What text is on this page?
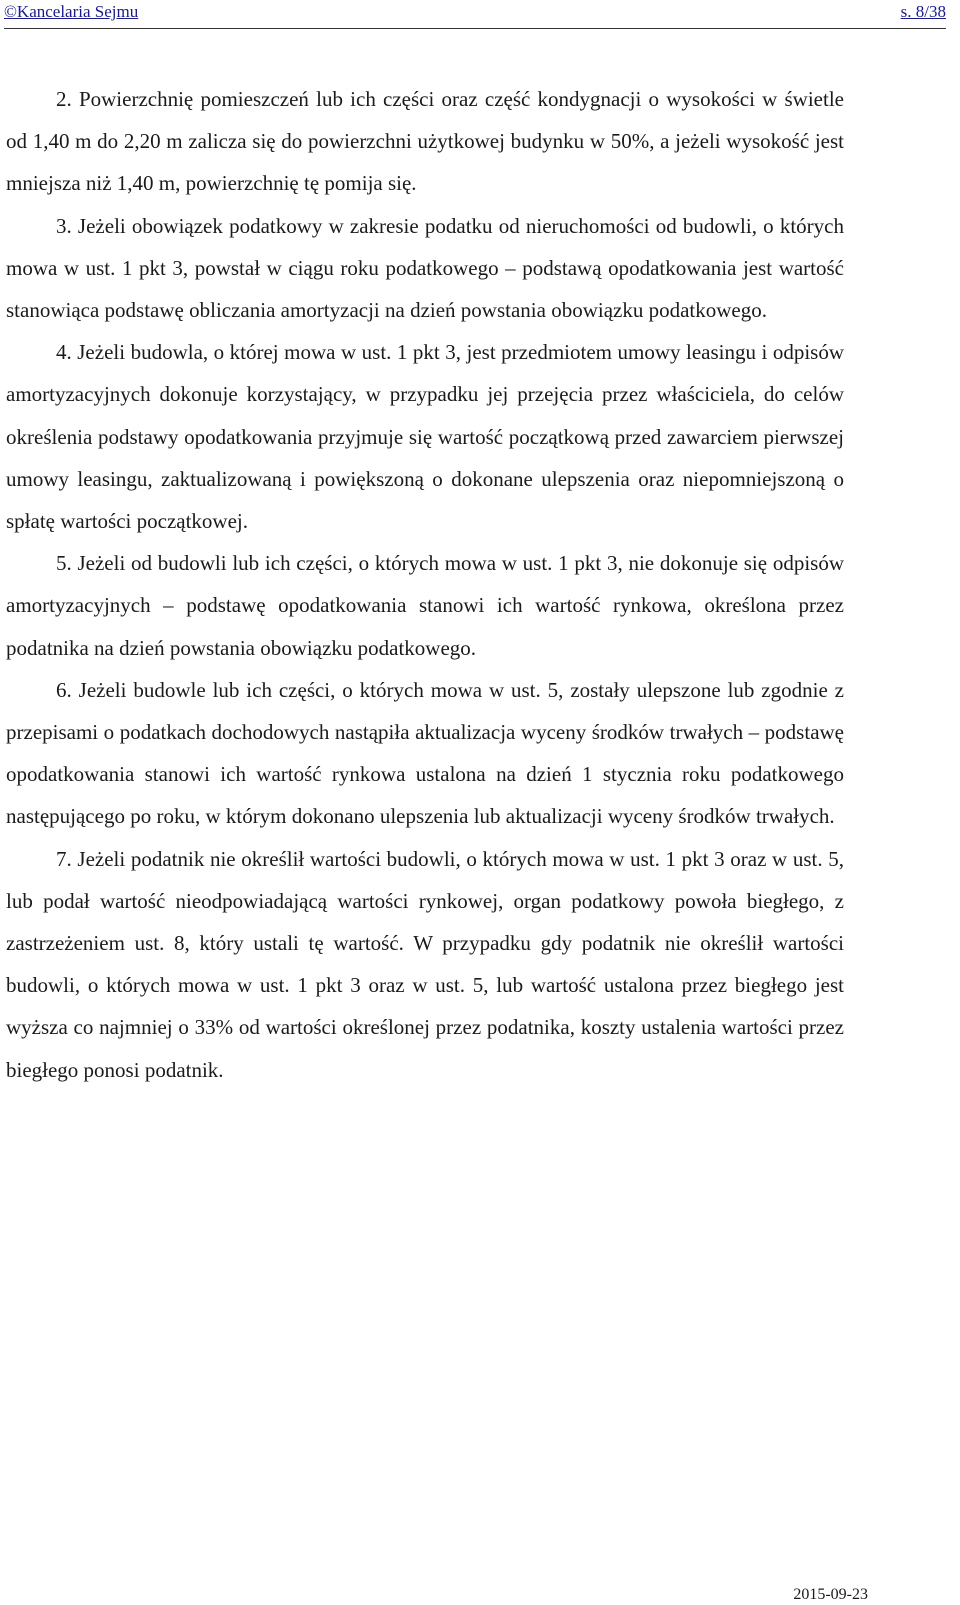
©Kancelaria Sejmu	s. 8/38

2. Powierzchnię pomieszczeń lub ich części oraz część kondygnacji o wysokości w świetle od 1,40 m do 2,20 m zalicza się do powierzchni użytkowej budynku w 50%, a jeżeli wysokość jest mniejsza niż 1,40 m, powierzchnię tę pomija się.

3. Jeżeli obowiązek podatkowy w zakresie podatku od nieruchomości od budowli, o których mowa w ust. 1 pkt 3, powstał w ciągu roku podatkowego – podstawą opodatkowania jest wartość stanowiąca podstawę obliczania amortyzacji na dzień powstania obowiązku podatkowego.

4. Jeżeli budowla, o której mowa w ust. 1 pkt 3, jest przedmiotem umowy leasingu i odpisów amortyzacyjnych dokonuje korzystający, w przypadku jej przejęcia przez właściciela, do celów określenia podstawy opodatkowania przyjmuje się wartość początkową przed zawarciem pierwszej umowy leasingu, zaktualizowaną i powiększoną o dokonane ulepszenia oraz niepomniejszoną o spłatę wartości początkowej.

5. Jeżeli od budowli lub ich części, o których mowa w ust. 1 pkt 3, nie dokonuje się odpisów amortyzacyjnych – podstawę opodatkowania stanowi ich wartość rynkowa, określona przez podatnika na dzień powstania obowiązku podatkowego.

6. Jeżeli budowle lub ich części, o których mowa w ust. 5, zostały ulepszone lub zgodnie z przepisami o podatkach dochodowych nastąpiła aktualizacja wyceny środków trwałych – podstawę opodatkowania stanowi ich wartość rynkowa ustalona na dzień 1 stycznia roku podatkowego następującego po roku, w którym dokonano ulepszenia lub aktualizacji wyceny środków trwałych.

7. Jeżeli podatnik nie określił wartości budowli, o których mowa w ust. 1 pkt 3 oraz w ust. 5, lub podał wartość nieodpowiadającą wartości rynkowej, organ podatkowy powoła biegłego, z zastrzeżeniem ust. 8, który ustali tę wartość. W przypadku gdy podatnik nie określił wartości budowli, o których mowa w ust. 1 pkt 3 oraz w ust. 5, lub wartość ustalona przez biegłego jest wyższa co najmniej o 33% od wartości określonej przez podatnika, koszty ustalenia wartości przez biegłego ponosi podatnik.

2015-09-23
